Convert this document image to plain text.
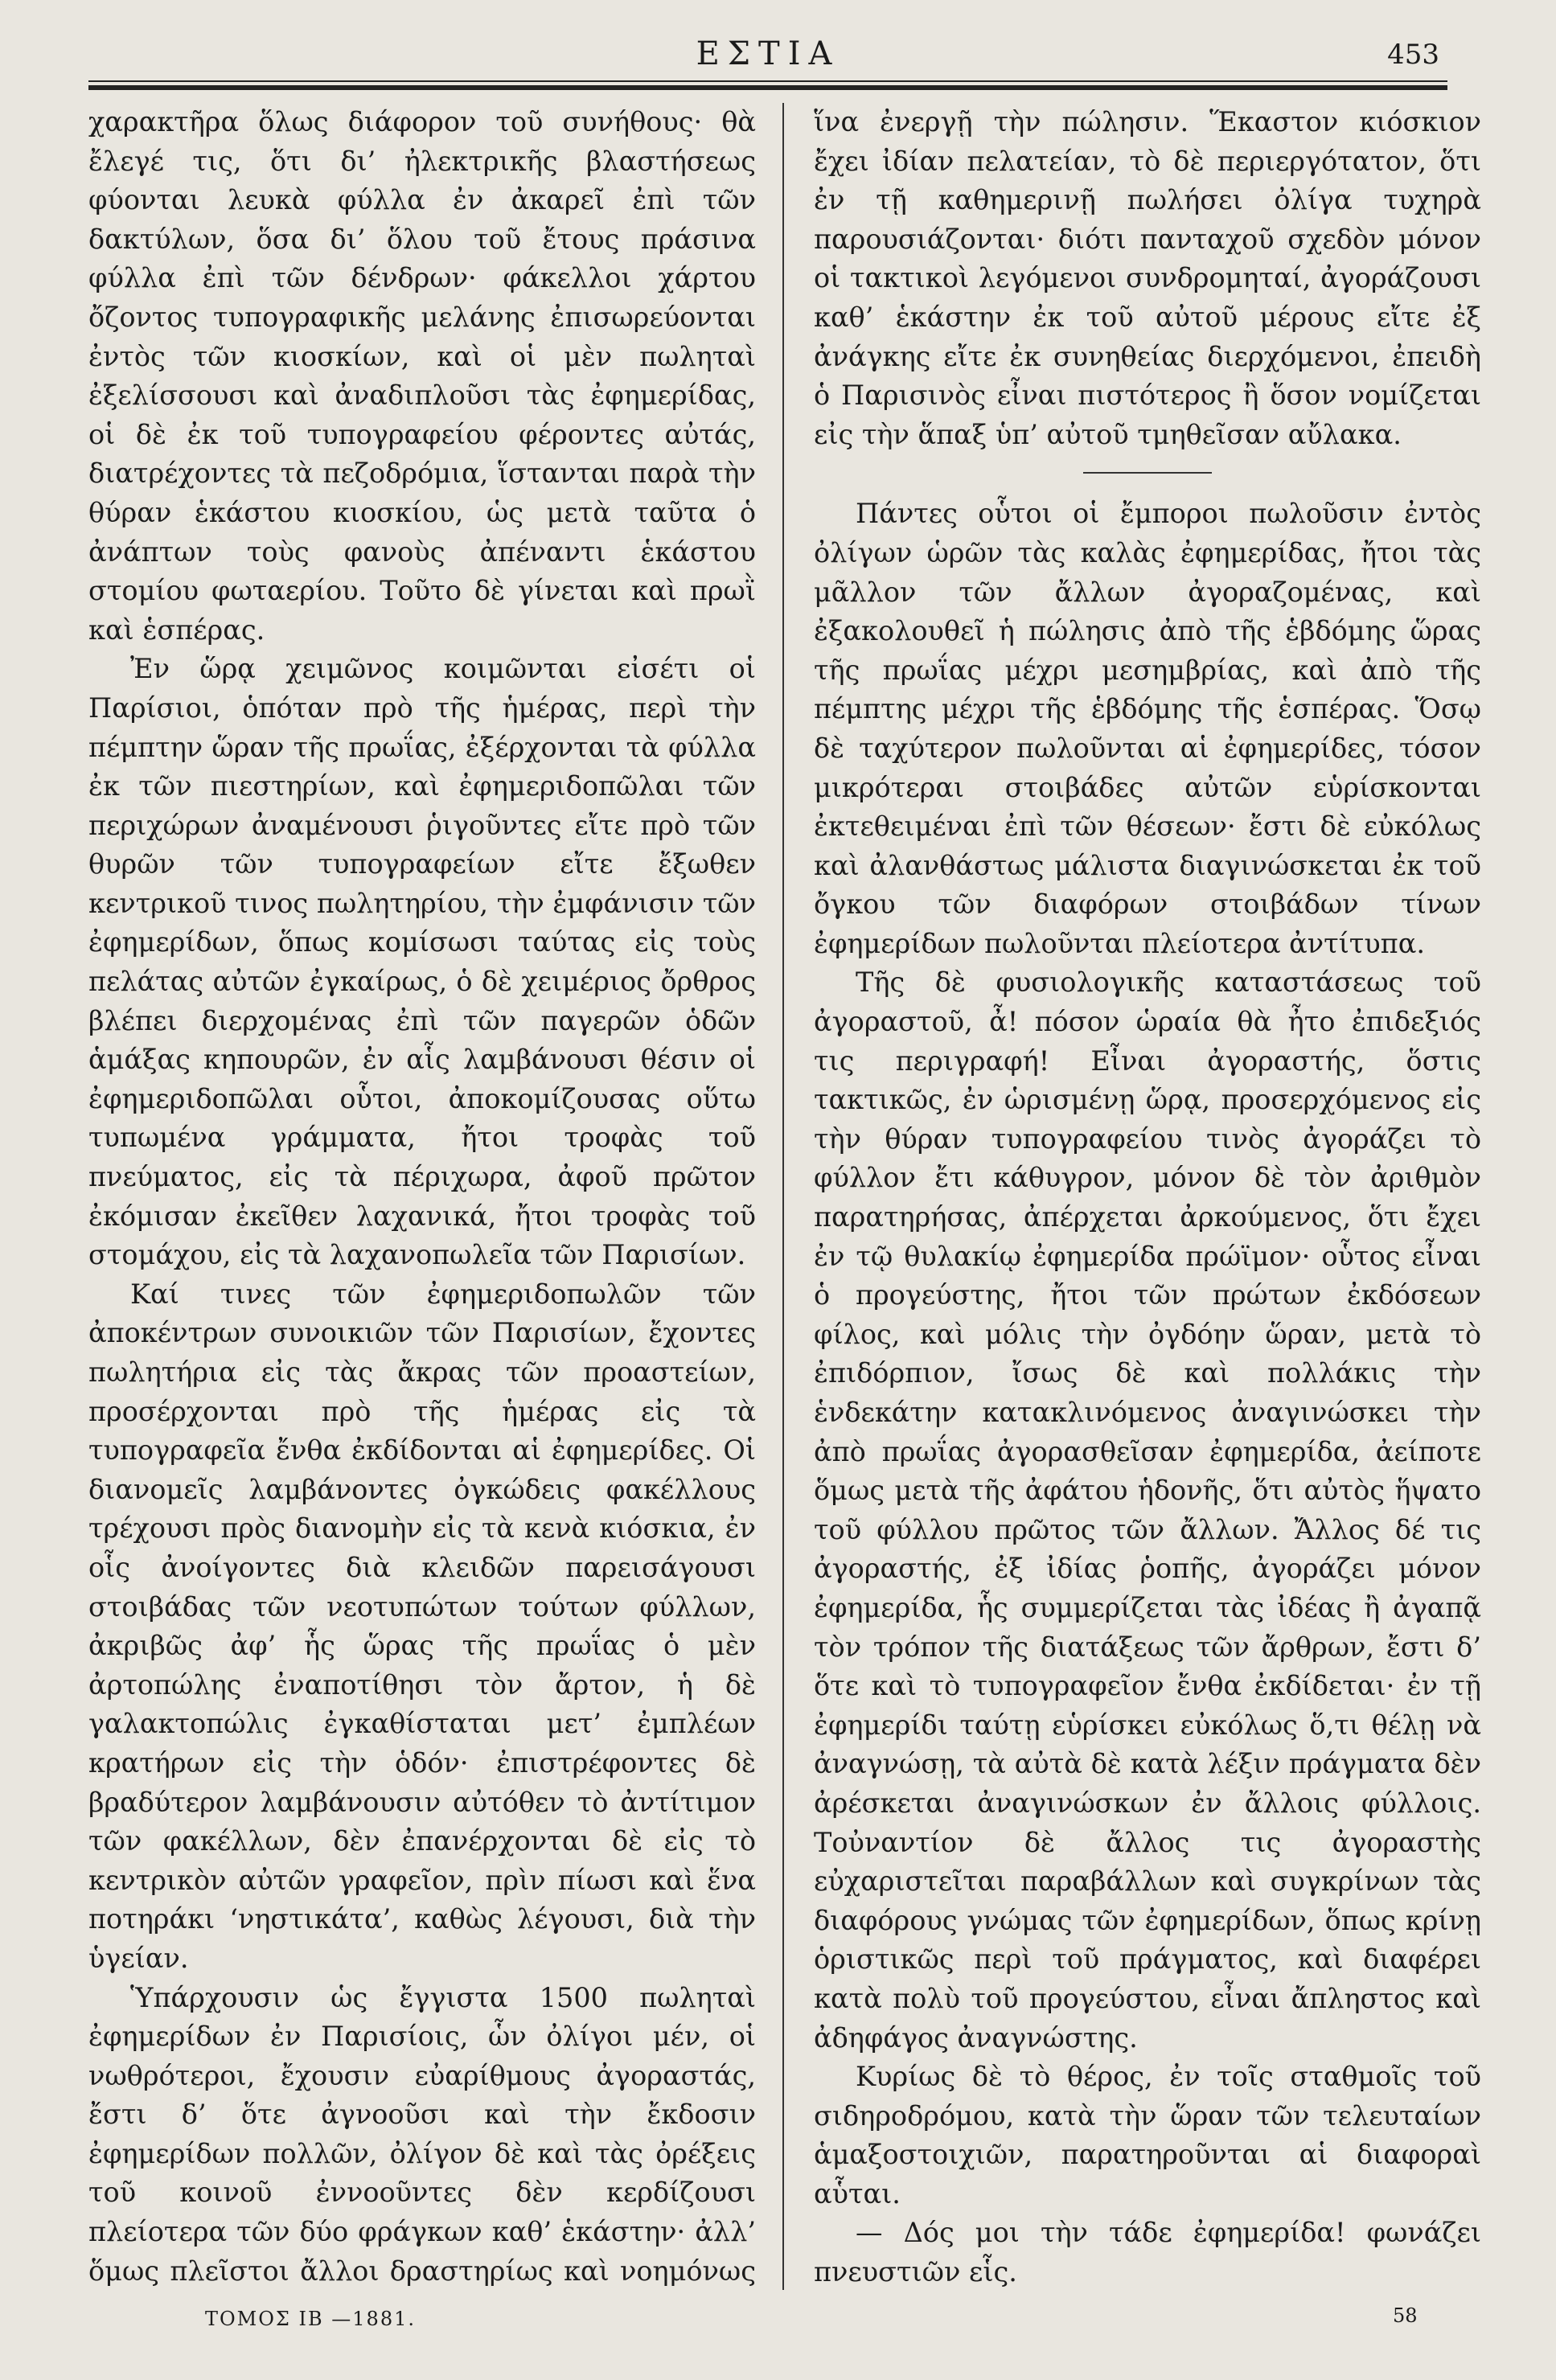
ΕΣΤΙΑ	453

χαρακτῆρα ὅλως διάφορον τοῦ συνήθους· θὰ ἔλεγέ τις, ὅτι δι’ ἠλεκτρικῆς βλαστήσεως φύονται λευκὰ φύλλα ἐν ἀκαρεῖ ἐπὶ τῶν δακτύλων, ὅσα δι’ ὅλου τοῦ ἔτους πράσινα φύλλα ἐπὶ τῶν δένδρων· φάκελλοι χάρτου ὄζοντος τυπογραφικῆς μελάνης ἐπισωρεύονται ἐντὸς τῶν κιοσκίων, καὶ οἱ μὲν πωληταὶ ἐξελίσσουσι καὶ ἀναδιπλοῦσι τὰς ἐφημερίδας, οἱ δὲ ἐκ τοῦ τυπογραφείου φέροντες αὐτάς, διατρέχοντες τὰ πεζοδρόμια, ἵστανται παρὰ τὴν θύραν ἑκάστου κιοσκίου, ὡς μετὰ ταῦτα ὁ ἀνάπτων τοὺς φανοὺς ἀπέναντι ἑκάστου στομίου φωταερίου. Τοῦτο δὲ γίνεται καὶ πρωῒ καὶ ἑσπέρας.

Ἐν ὥρᾳ χειμῶνος κοιμῶνται εἰσέτι οἱ Παρίσιοι, ὁπόταν πρὸ τῆς ἡμέρας, περὶ τὴν πέμπτην ὥραν τῆς πρωΐας, ἐξέρχονται τὰ φύλλα ἐκ τῶν πιεστηρίων, καὶ ἐφημεριδοπῶλαι τῶν περιχώρων ἀναμένουσι ῥιγοῦντες εἴτε πρὸ τῶν θυρῶν τῶν τυπογραφείων εἴτε ἔξωθεν κεντρικοῦ τινος πωλητηρίου, τὴν ἐμφάνισιν τῶν ἐφημερίδων, ὅπως κομίσωσι ταύτας εἰς τοὺς πελάτας αὐτῶν ἐγκαίρως, ὁ δὲ χειμέριος ὄρθρος βλέπει διερχομένας ἐπὶ τῶν παγερῶν ὁδῶν ἁμάξας κηπουρῶν, ἐν αἷς λαμβάνουσι θέσιν οἱ ἐφημεριδοπῶλαι οὗτοι, ἀποκομίζουσας οὕτω τυπωμένα γράμματα, ἤτοι τροφὰς τοῦ πνεύματος, εἰς τὰ πέριχωρα, ἀφοῦ πρῶτον ἐκόμισαν ἐκεῖθεν λαχανικά, ἤτοι τροφὰς τοῦ στομάχου, εἰς τὰ λαχανοπωλεῖα τῶν Παρισίων.

Καί τινες τῶν ἐφημεριδοπωλῶν τῶν ἀποκέντρων συνοικιῶν τῶν Παρισίων, ἔχοντες πωλητήρια εἰς τὰς ἄκρας τῶν προαστείων, προσέρχονται πρὸ τῆς ἡμέρας εἰς τὰ τυπογραφεῖα ἔνθα ἐκδίδονται αἱ ἐφημερίδες. Οἱ διανομεῖς λαμβάνοντες ὀγκώδεις φακέλλους τρέχουσι πρὸς διανομὴν εἰς τὰ κενὰ κιόσκια, ἐν οἷς ἀνοίγοντες διὰ κλειδῶν παρεισάγουσι στοιβάδας τῶν νεοτυπώτων τούτων φύλλων, ἀκριβῶς ἀφ’ ἧς ὥρας τῆς πρωΐας ὁ μὲν ἀρτοπώλης ἐναποτίθησι τὸν ἄρτον, ἡ δὲ γαλακτοπώλις ἐγκαθίσταται μετ’ ἐμπλέων κρατήρων εἰς τὴν ὁδόν· ἐπιστρέφοντες δὲ βραδύτερον λαμβάνουσιν αὐτόθεν τὸ ἀντίτιμον τῶν φακέλλων, δὲν ἐπανέρχονται δὲ εἰς τὸ κεντρικὸν αὐτῶν γραφεῖον, πρὶν πίωσι καὶ ἕνα ποτηράκι ‘νηστικάτα’, καθὼς λέγουσι, διὰ τὴν ὑγείαν.

Ὑπάρχουσιν ὡς ἔγγιστα 1500 πωληταὶ ἐφημερίδων ἐν Παρισίοις, ὧν ὀλίγοι μέν, οἱ νωθρότεροι, ἔχουσιν εὐαρίθμους ἀγοραστάς, ἔστι δ’ ὅτε ἀγνοοῦσι καὶ τὴν ἔκδοσιν ἐφημερίδων πολλῶν, ὀλίγον δὲ καὶ τὰς ὀρέξεις τοῦ κοινοῦ ἐννοοῦντες δὲν κερδίζουσι πλείοτερα τῶν δύο φράγκων καθ’ ἑκάστην· ἀλλ’ ὅμως πλεῖστοι ἄλλοι δραστηρίως καὶ νοημόνως

ἵνα ἐνεργῇ τὴν πώλησιν. Ἕκαστον κιόσκιον ἔχει ἰδίαν πελατείαν, τὸ δὲ περιεργότατον, ὅτι ἐν τῇ καθημερινῇ πωλήσει ὀλίγα τυχηρὰ παρουσιάζονται· διότι πανταχοῦ σχεδὸν μόνον οἱ τακτικοὶ λεγόμενοι συνδρομηταί, ἀγοράζουσι καθ’ ἑκάστην ἐκ τοῦ αὐτοῦ μέρους εἴτε ἐξ ἀνάγκης εἴτε ἐκ συνηθείας διερχόμενοι, ἐπειδὴ ὁ Παρισινὸς εἶναι πιστότερος ἢ ὅσον νομίζεται εἰς τὴν ἅπαξ ὑπ’ αὐτοῦ τμηθεῖσαν αὔλακα.

Πάντες οὗτοι οἱ ἔμποροι πωλοῦσιν ἐντὸς ὀλίγων ὡρῶν τὰς καλὰς ἐφημερίδας, ἤτοι τὰς μᾶλλον τῶν ἄλλων ἀγοραζομένας, καὶ ἐξακολουθεῖ ἡ πώλησις ἀπὸ τῆς ἑβδόμης ὥρας τῆς πρωΐας μέχρι μεσημβρίας, καὶ ἀπὸ τῆς πέμπτης μέχρι τῆς ἑβδόμης τῆς ἑσπέρας. Ὅσῳ δὲ ταχύτερον πωλοῦνται αἱ ἐφημερίδες, τόσον μικρότεραι στοιβάδες αὐτῶν εὑρίσκονται ἐκτεθειμέναι ἐπὶ τῶν θέσεων· ἔστι δὲ εὐκόλως καὶ ἀλανθάστως μάλιστα διαγινώσκεται ἐκ τοῦ ὄγκου τῶν διαφόρων στοιβάδων τίνων ἐφημερίδων πωλοῦνται πλείοτερα ἀντίτυπα.

Τῆς δὲ φυσιολογικῆς καταστάσεως τοῦ ἀγοραστοῦ, ἆ! πόσον ὡραία θὰ ἦτο ἐπιδεξιός τις περιγραφή! Εἶναι ἀγοραστής, ὅστις τακτικῶς, ἐν ὡρισμένῃ ὥρᾳ, προσερχόμενος εἰς τὴν θύραν τυπογραφείου τινὸς ἀγοράζει τὸ φύλλον ἔτι κάθυγρον, μόνον δὲ τὸν ἀριθμὸν παρατηρήσας, ἀπέρχεται ἀρκούμενος, ὅτι ἔχει ἐν τῷ θυλακίῳ ἐφημερίδα πρώϊμον· οὗτος εἶναι ὁ προγεύστης, ἤτοι τῶν πρώτων ἐκδόσεων φίλος, καὶ μόλις τὴν ὀγδόην ὥραν, μετὰ τὸ ἐπιδόρπιον, ἴσως δὲ καὶ πολλάκις τὴν ἑνδεκάτην κατακλινόμενος ἀναγινώσκει τὴν ἀπὸ πρωΐας ἀγορασθεῖσαν ἐφημερίδα, ἀείποτε ὅμως μετὰ τῆς ἀφάτου ἡδονῆς, ὅτι αὐτὸς ἥψατο τοῦ φύλλου πρῶτος τῶν ἄλλων. Ἄλλος δέ τις ἀγοραστής, ἐξ ἰδίας ῥοπῆς, ἀγοράζει μόνον ἐφημερίδα, ἧς συμμερίζεται τὰς ἰδέας ἢ ἀγαπᾷ τὸν τρόπον τῆς διατάξεως τῶν ἄρθρων, ἔστι δ’ ὅτε καὶ τὸ τυπογραφεῖον ἔνθα ἐκδίδεται· ἐν τῇ ἐφημερίδι ταύτῃ εὑρίσκει εὐκόλως ὅ,τι θέλῃ νὰ ἀναγνώσῃ, τὰ αὐτὰ δὲ κατὰ λέξιν πράγματα δὲν ἀρέσκεται ἀναγινώσκων ἐν ἄλλοις φύλλοις. Τοὐναντίον δὲ ἄλλος τις ἀγοραστὴς εὐχαριστεῖται παραβάλλων καὶ συγκρίνων τὰς διαφόρους γνώμας τῶν ἐφημερίδων, ὅπως κρίνῃ ὁριστικῶς περὶ τοῦ πράγματος, καὶ διαφέρει κατὰ πολὺ τοῦ προγεύστου, εἶναι ἄπληστος καὶ ἀδηφάγος ἀναγνώστης.

Κυρίως δὲ τὸ θέρος, ἐν τοῖς σταθμοῖς τοῦ σιδηροδρόμου, κατὰ τὴν ὥραν τῶν τελευταίων ἁμαξοστοιχιῶν, παρατηροῦνται αἱ διαφοραὶ αὗται.

— Δός μοι τὴν τάδε ἐφημερίδα! φωνάζει πνευστιῶν εἷς.

ΤΟΜΟΣ ΙΒ —1881.	58
